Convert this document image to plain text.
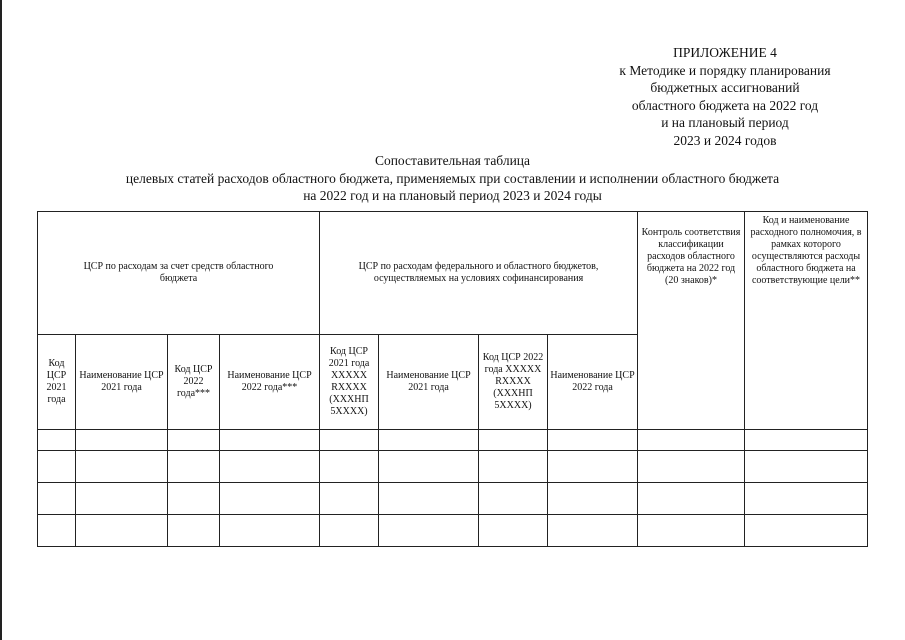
ПРИЛОЖЕНИЕ 4
к Методике и порядку планирования
бюджетных ассигнований
областного бюджета на 2022 год
и на плановый период
2023 и 2024 годов
Сопоставительная таблица
целевых статей расходов областного бюджета, применяемых при составлении и исполнении областного бюджета
на 2022 год и на плановый период 2023 и 2024 годы
ЦСР по расходам за счет средств областного бюджета				ЦСР по расходам федерального и областного бюджетов, осуществляемых на условиях софинансирования				Контроль соответствия классификации расходов областного бюджета на 2022 год (20 знаков)*	Код и наименование расходного полномочия, в рамках которого осуществляются расходы областного бюджета на соответствующие цели**
Код ЦСР 2021 года	Наименование ЦСР 2021 года	Код ЦСР 2022 года***	Наименование ЦСР 2022 года***	Код ЦСР 2021 года XXXXX RXXXX (XXXНП 5XXXX)	Наименование ЦСР 2021 года	Код ЦСР 2022 года XXXXX RXXXX (XXXНП 5XXXX)	Наименование ЦСР 2022 года		
